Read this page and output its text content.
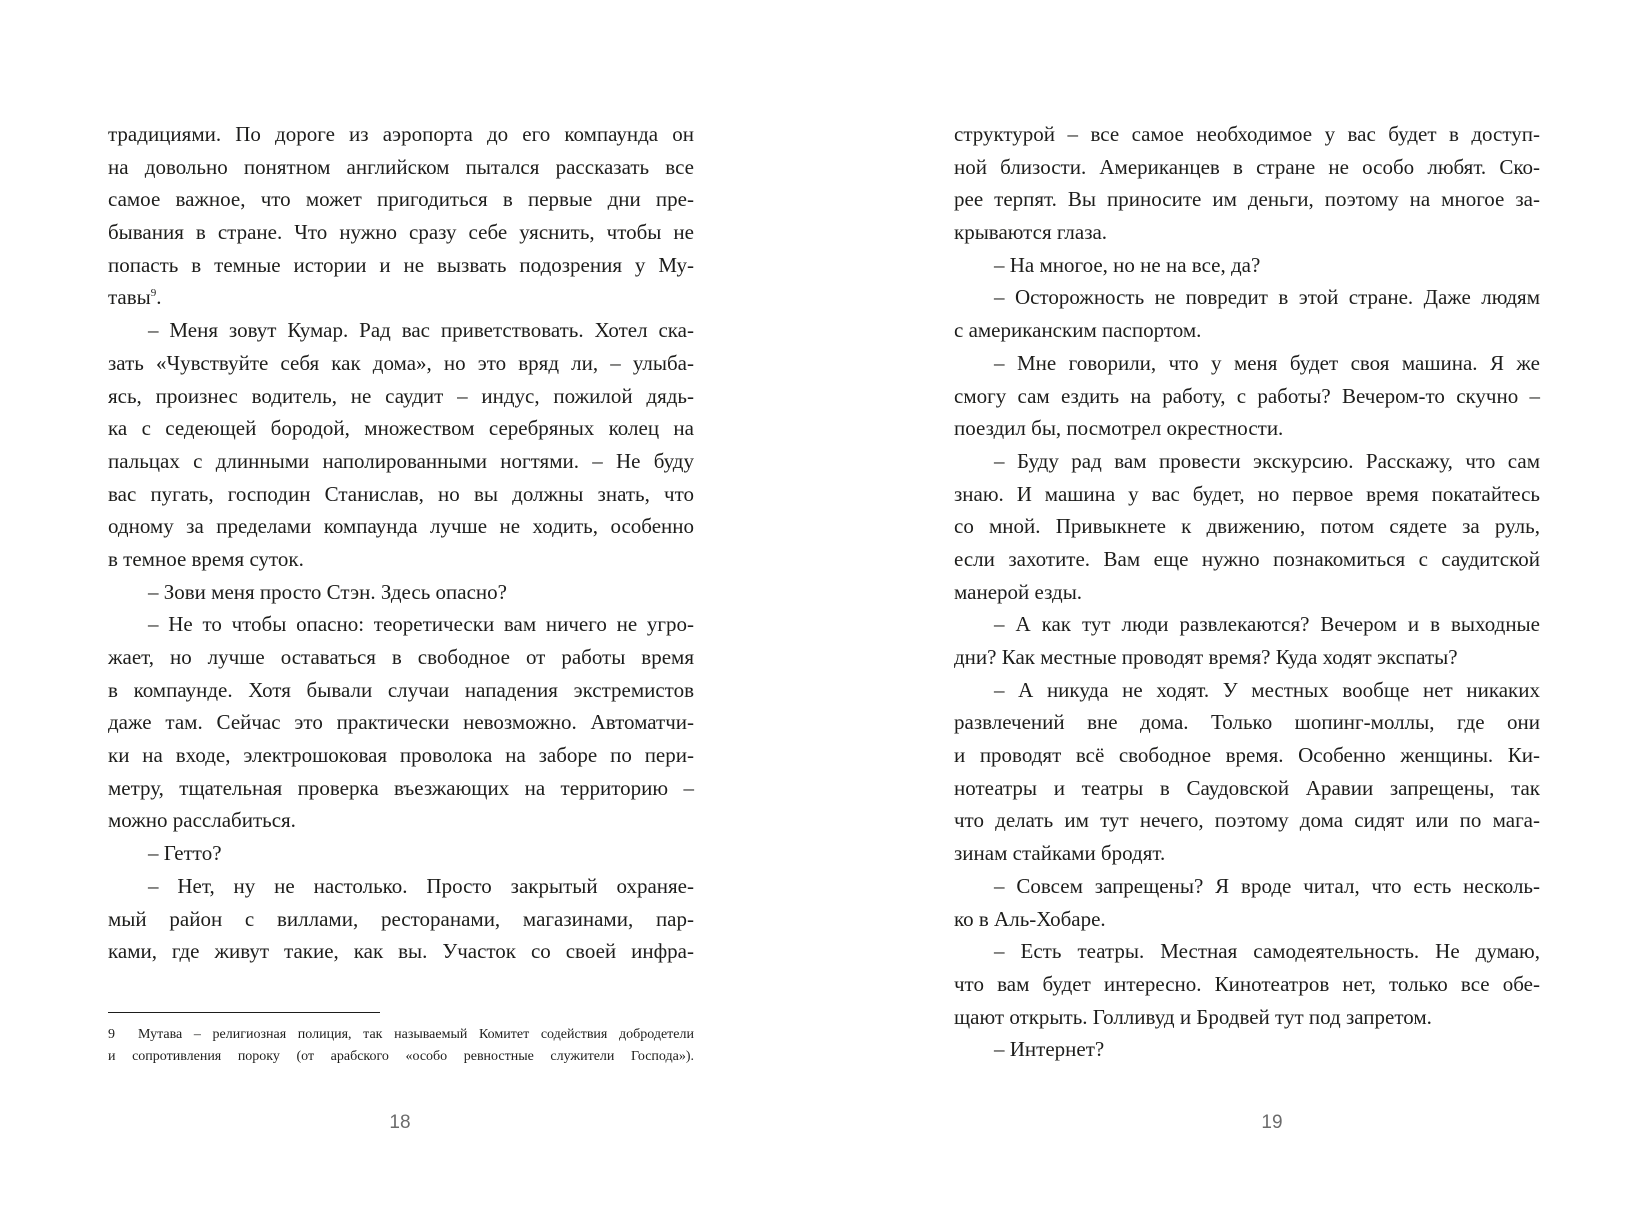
традициями. По дороге из аэропорта до его компаунда он
на довольно понятном английском пытался рассказать все
самое важное, что может пригодиться в первые дни пре-
бывания в стране. Что нужно сразу себе уяснить, чтобы не
попасть в темные истории и не вызвать подозрения у Му-
тавы$^9$.
– Меня зовут Кумар. Рад вас приветствовать. Хотел ска-
зать «Чувствуйте себя как дома», но это вряд ли, – улыба-
ясь, произнес водитель, не саудит – индус, пожилой дядь-
ка с седеющей бородой, множеством серебряных колец на
пальцах с длинными наполированными ногтями. – Не буду
вас пугать, господин Станислав, но вы должны знать, что
одному за пределами компаунда лучше не ходить, особенно
в темное время суток.
– Зови меня просто Стэн. Здесь опасно?
– Не то чтобы опасно: теоретически вам ничего не угро-
жает, но лучше оставаться в свободное от работы время
в компаунде. Хотя бывали случаи нападения экстремистов
даже там. Сейчас это практически невозможно. Автоматчи-
ки на входе, электрошоковая проволока на заборе по пери-
метру, тщательная проверка въезжающих на территорию –
можно расслабиться.
– Гетто?
– Нет, ну не настолько. Просто закрытый охраняе-
мый район с виллами, ресторанами, магазинами, пар-
ками, где живут такие, как вы. Участок со своей инфра-
9 Мутава – религиозная полиция, так называемый Комитет содействия добродетели
и сопротивления пороку (от арабского «особо ревностные служители Господа»).
18
структурой – все самое необходимое у вас будет в доступ-
ной близости. Американцев в стране не особо любят. Ско-
рее терпят. Вы приносите им деньги, поэтому на многое за-
крываются глаза.
– На многое, но не на все, да?
– Осторожность не повредит в этой стране. Даже людям
с американским паспортом.
– Мне говорили, что у меня будет своя машина. Я же
смогу сам ездить на работу, с работы? Вечером-то скучно –
поездил бы, посмотрел окрестности.
– Буду рад вам провести экскурсию. Расскажу, что сам
знаю. И машина у вас будет, но первое время покатайтесь
со мной. Привыкнете к движению, потом сядете за руль,
если захотите. Вам еще нужно познакомиться с саудитской
манерой езды.
– А как тут люди развлекаются? Вечером и в выходные
дни? Как местные проводят время? Куда ходят экспаты?
– А никуда не ходят. У местных вообще нет никаких
развлечений вне дома. Только шопинг-моллы, где они
и проводят всё свободное время. Особенно женщины. Ки-
нотеатры и театры в Саудовской Аравии запрещены, так
что делать им тут нечего, поэтому дома сидят или по мага-
зинам стайками бродят.
– Совсем запрещены? Я вроде читал, что есть несколь-
ко в Аль-Хобаре.
– Есть театры. Местная самодеятельность. Не думаю,
что вам будет интересно. Кинотеатров нет, только все обе-
щают открыть. Голливуд и Бродвей тут под запретом.
– Интернет?
19
